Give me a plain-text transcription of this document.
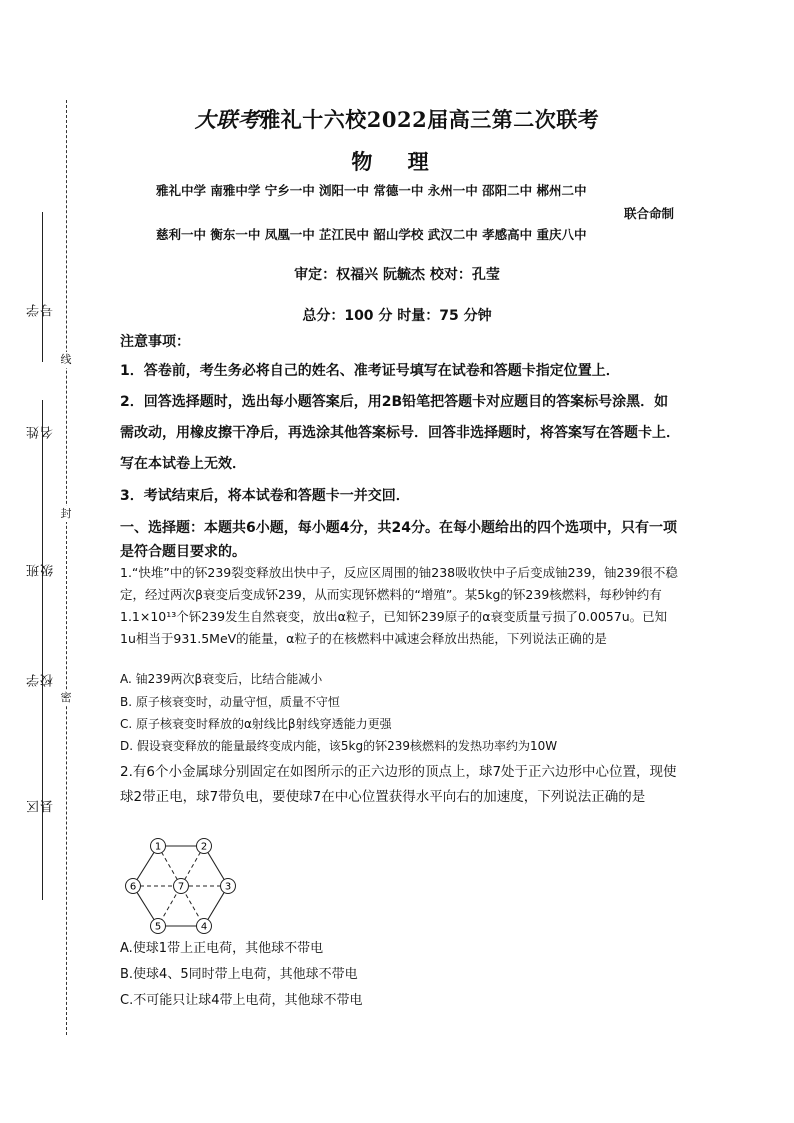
线
封
密
学号
姓名
班级
学校
区县
大联考雅礼十六校2022届高三第二次联考
物 理
雅礼中学 南雅中学 宁乡一中 浏阳一中 常德一中 永州一中 邵阳二中 郴州二中
联合命制
慈利一中 衡东一中 凤凰一中 芷江民中 韶山学校 武汉二中 孝感高中 重庆八中
审定：权福兴 阮毓杰 校对：孔莹
总分：100 分 时量：75 分钟
注意事项：
1．答卷前，考生务必将自己的姓名、准考证号填写在试卷和答题卡指定位置上．
2．回答选择题时，选出每小题答案后，用2B铅笔把答题卡对应题目的答案标号涂黑．如需改动，用橡皮擦干净后，再选涂其他答案标号．回答非选择题时，将答案写在答题卡上．写在本试卷上无效．
3．考试结束后，将本试卷和答题卡一并交回．
一、选择题：本题共6小题，每小题4分，共24分。在每小题给出的四个选项中，只有一项是符合题目要求的。
1.“快堆”中的钚239裂变释放出快中子，反应区周围的铀238吸收快中子后变成铀239，铀239很不稳定，经过两次β衰变后变成钚239，从而实现钚燃料的“增殖”。某5kg的钚239核燃料，每秒钟约有1.1×10¹³个钚239发生自然衰变，放出α粒子，已知钚239原子的α衰变质量亏损了0.0057u。已知1u相当于931.5MeV的能量，α粒子的在核燃料中减速会释放出热能，下列说法正确的是
A. 铀239两次β衰变后，比结合能减小
B. 原子核衰变时，动量守恒，质量不守恒
C. 原子核衰变时释放的α射线比β射线穿透能力更强
D. 假设衰变释放的能量最终变成内能，该5kg的钚239核燃料的发热功率约为10W
2.有6个小金属球分别固定在如图所示的正六边形的顶点上，球7处于正六边形中心位置，现使球2带正电，球7带负电，要使球7在中心位置获得水平向右的加速度，下列说法正确的是
1	2
3
4
5
6	7
A.使球1带上正电荷，其他球不带电
B.使球4、5同时带上电荷，其他球不带电
C.不可能只让球4带上电荷，其他球不带电
